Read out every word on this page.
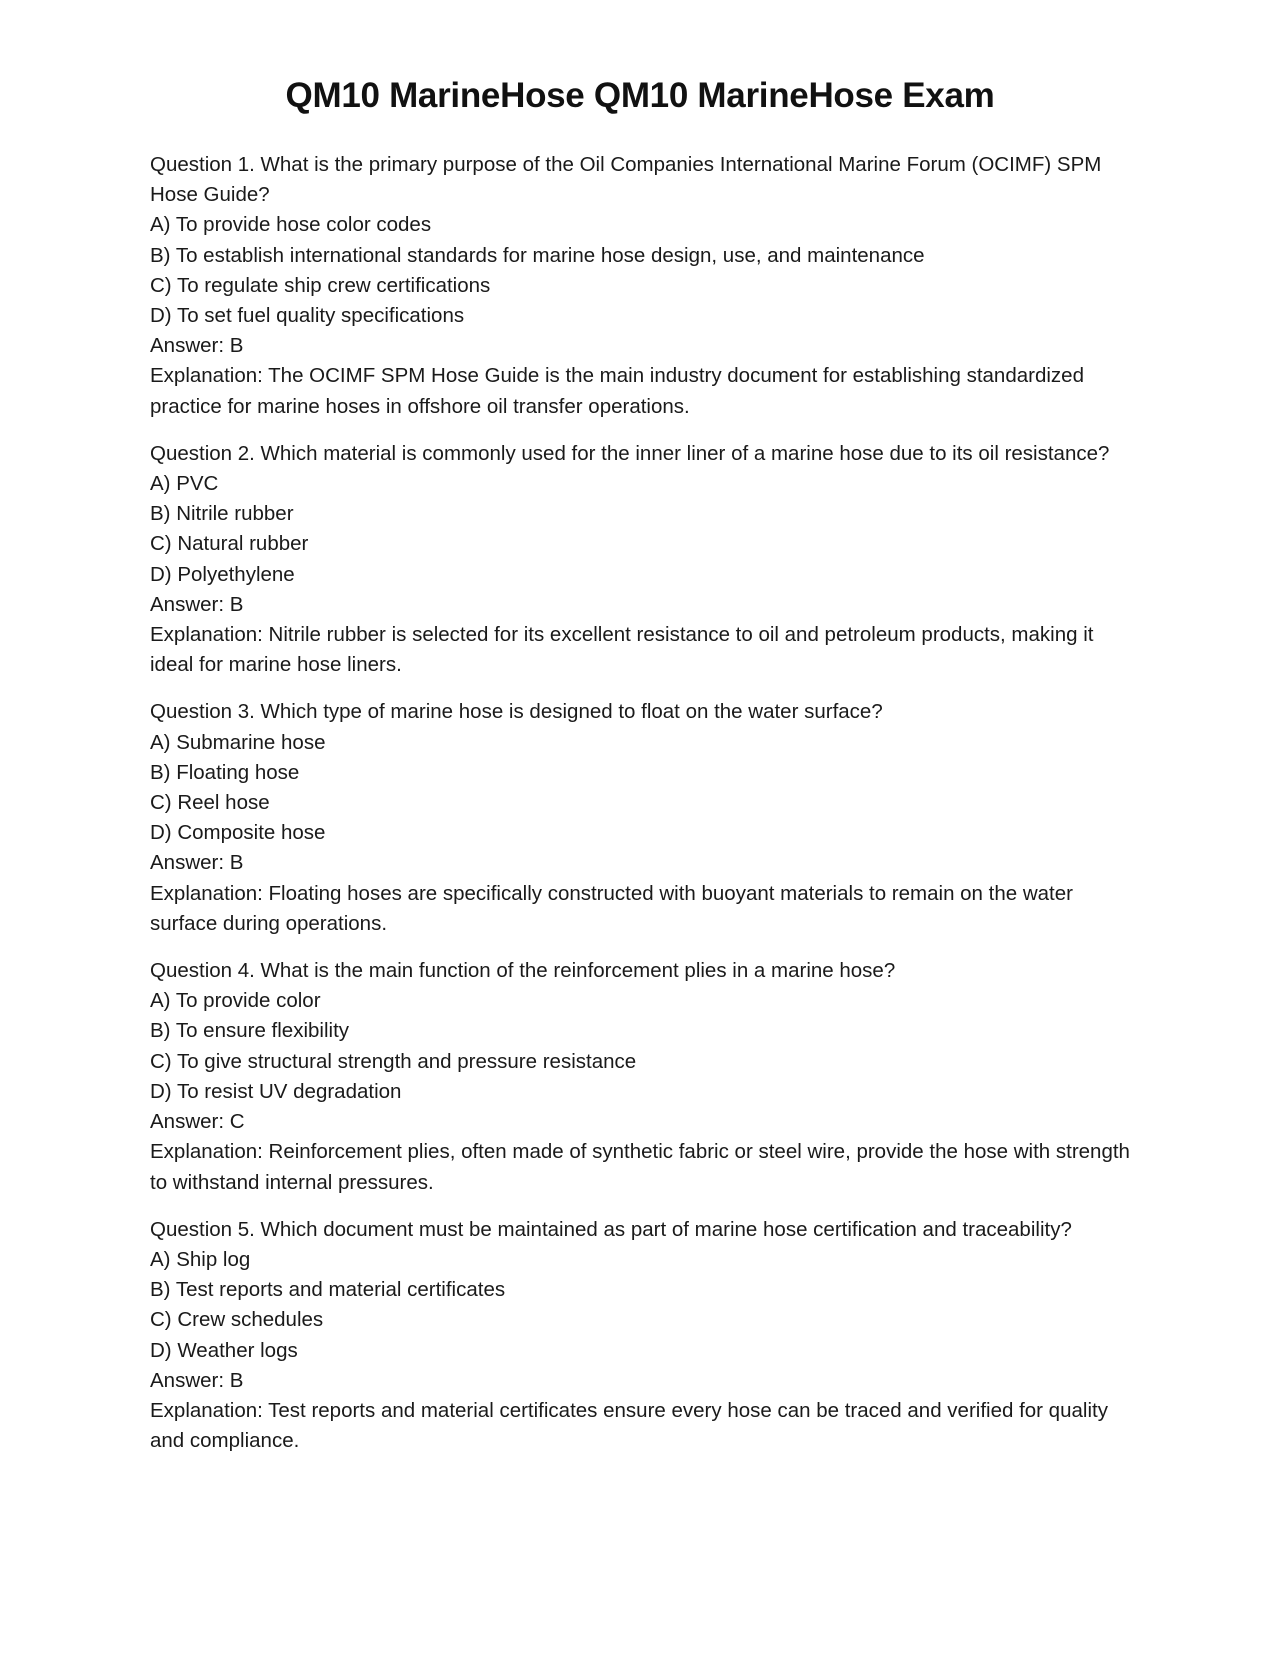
QM10 MarineHose QM10 MarineHose Exam

Question 1. What is the primary purpose of the Oil Companies International Marine Forum (OCIMF) SPM Hose Guide?

A) To provide hose color codes

B) To establish international standards for marine hose design, use, and maintenance

C) To regulate ship crew certifications

D) To set fuel quality specifications

Answer: B

Explanation: The OCIMF SPM Hose Guide is the main industry document for establishing standardized practice for marine hoses in offshore oil transfer operations.

Question 2. Which material is commonly used for the inner liner of a marine hose due to its oil resistance?

A) PVC

B) Nitrile rubber

C) Natural rubber

D) Polyethylene

Answer: B

Explanation: Nitrile rubber is selected for its excellent resistance to oil and petroleum products, making it ideal for marine hose liners.

Question 3. Which type of marine hose is designed to float on the water surface?

A) Submarine hose

B) Floating hose

C) Reel hose

D) Composite hose

Answer: B

Explanation: Floating hoses are specifically constructed with buoyant materials to remain on the water surface during operations.

Question 4. What is the main function of the reinforcement plies in a marine hose?

A) To provide color

B) To ensure flexibility

C) To give structural strength and pressure resistance

D) To resist UV degradation

Answer: C

Explanation: Reinforcement plies, often made of synthetic fabric or steel wire, provide the hose with strength to withstand internal pressures.

Question 5. Which document must be maintained as part of marine hose certification and traceability?

A) Ship log

B) Test reports and material certificates

C) Crew schedules

D) Weather logs

Answer: B

Explanation: Test reports and material certificates ensure every hose can be traced and verified for quality and compliance.
